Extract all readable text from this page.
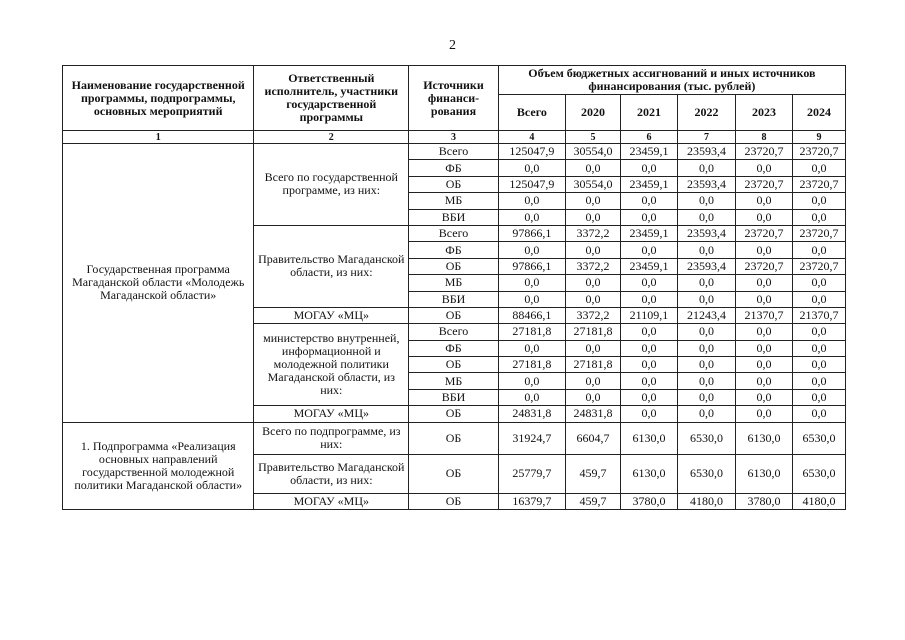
2
Наименование государственной программы, подпрограммы, основных мероприятий	Ответственный исполнитель, участники государственной программы	Источники финанси-рования	Объем бюджетных ассигнований и иных источников финансирования (тыс. рублей)					
			Всего	2020	2021	2022	2023	2024
1	2	3	4	5	6	7	8	9
Государственная программа Магаданской области «Молодежь Магаданской области»	Всего по государственной программе, из них:	Всего	125047,9	30554,0	23459,1	23593,4	23720,7	23720,7
		ФБ	0,0	0,0	0,0	0,0	0,0	0,0
		ОБ	125047,9	30554,0	23459,1	23593,4	23720,7	23720,7
		МБ	0,0	0,0	0,0	0,0	0,0	0,0
		ВБИ	0,0	0,0	0,0	0,0	0,0	0,0
	Правительство Магаданской области, из них:	Всего	97866,1	3372,2	23459,1	23593,4	23720,7	23720,7
		ФБ	0,0	0,0	0,0	0,0	0,0	0,0
		ОБ	97866,1	3372,2	23459,1	23593,4	23720,7	23720,7
		МБ	0,0	0,0	0,0	0,0	0,0	0,0
		ВБИ	0,0	0,0	0,0	0,0	0,0	0,0
	МОГАУ «МЦ»	ОБ	88466,1	3372,2	21109,1	21243,4	21370,7	21370,7
	министерство внутренней, информационной и молодежной политики Магаданской области, из них:	Всего	27181,8	27181,8	0,0	0,0	0,0	0,0
		ФБ	0,0	0,0	0,0	0,0	0,0	0,0
		ОБ	27181,8	27181,8	0,0	0,0	0,0	0,0
		МБ	0,0	0,0	0,0	0,0	0,0	0,0
		ВБИ	0,0	0,0	0,0	0,0	0,0	0,0
	МОГАУ «МЦ»	ОБ	24831,8	24831,8	0,0	0,0	0,0	0,0
1. Подпрограмма «Реализация основных направлений государственной молодежной политики Магаданской области»	Всего по подпрограмме, из них:	ОБ	31924,7	6604,7	6130,0	6530,0	6130,0	6530,0
	Правительство Магаданской области, из них:	ОБ	25779,7	459,7	6130,0	6530,0	6130,0	6530,0
	МОГАУ «МЦ»	ОБ	16379,7	459,7	3780,0	4180,0	3780,0	4180,0
